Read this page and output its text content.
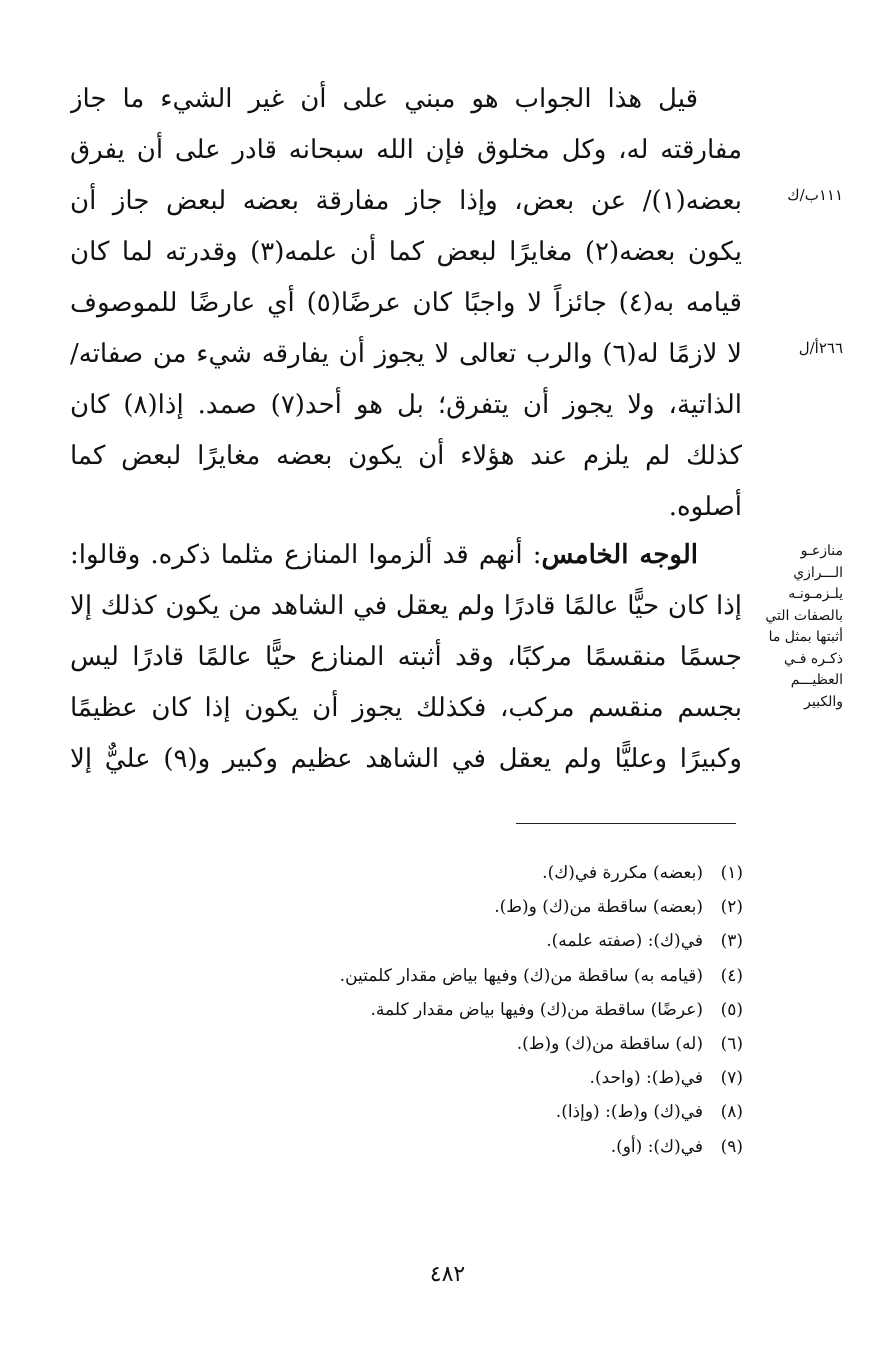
قيل هذا الجواب هو مبني على أن غير الشيء ما جاز
مفارقته له، وكل مخلوق فإن الله سبحانه قادر على أن يفرق
بعضه(١)/ عن بعض، وإذا جاز مفارقة بعضه لبعض جاز أن
يكون بعضه(٢) مغايرًا لبعض كما أن علمه(٣) وقدرته لما كان
قيامه به(٤) جائزاً لا واجبًا كان عرضًا(٥) أي عارضًا للموصوف
لا لازمًا له(٦) والرب تعالى لا يجوز أن يفارقه شيء من صفاته/
الذاتية، ولا يجوز أن يتفرق؛ بل هو أحد(٧) صمد. إذا(٨) كان
كذلك لم يلزم عند هؤلاء أن يكون بعضه مغايرًا لبعض كما
أصلوه.
الوجه الخامس: أنهم قد ألزموا المنازع مثلما ذكره. وقالوا:
إذا كان حيًّا عالمًا قادرًا ولم يعقل في الشاهد من يكون كذلك إلا
جسمًا منقسمًا مركبًا، وقد أثبته المنازع حيًّا عالمًا قادرًا ليس
بجسم منقسم مركب، فكذلك يجوز أن يكون إذا كان عظيمًا
وكبيرًا وعليًّا ولم يعقل في الشاهد عظيم وكبير و(٩) عليٌّ إلا
١١١ب/ك
٢٦٦أ/ل
منازعـو
الـــرازي
يلـزمـونـه
بالصفات التي
أثبتها بمثل ما
ذكـره فـي
العظيـــم
والكبير
(١)(بعضه) مكررة في(ك).
(٢)(بعضه) ساقطة من(ك) و(ط).
(٣)في(ك): (صفته علمه).
(٤)(قيامه به) ساقطة من(ك) وفيها بياض مقدار كلمتين.
(٥)(عرضًا) ساقطة من(ك) وفيها بياض مقدار كلمة.
(٦)(له) ساقطة من(ك) و(ط).
(٧)في(ط): (واحد).
(٨)في(ك) و(ط): (وإذا).
(٩)في(ك): (أو).
٤٨٢
